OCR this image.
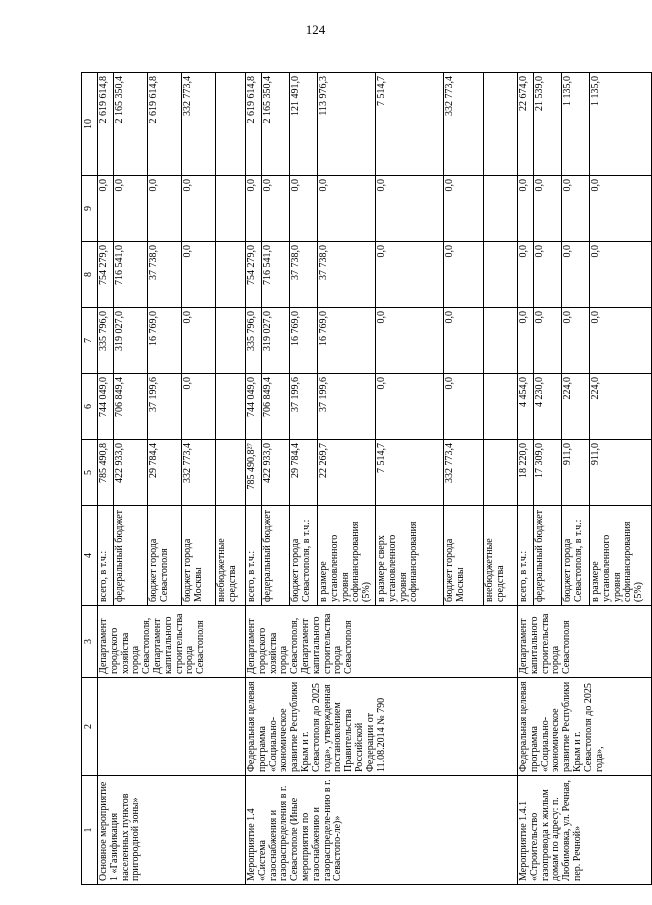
124
1	2	3	4	5	6	7	8	9	10
Основное мероприятие 1 «Газификация населенных пунктов пригородной зоны»		Департамент городского хозяйства города Севастополя, Департамент капитального строительства города Севастополя	всего, в т.ч.:	785 490,8	744 049,0	335 796,0	754 279,0	0,0	2 619 614,8
			федеральный бюджет	422 933,0	706 849,4	319 027,0	716 541,0	0,0	2 165 350,4
			бюджет города Севастополя	29 784,4	37 199,6	16 769,0	37 738,0	0,0	2 619 614,8
			бюджет города Москвы	332 773,4	0,0	0,0	0,0	0,0	332 773,4
			внебюджетные средства						
Мероприятие 1.4 «Система газоснабжения и газораспределения в г. Севастополе (Иные мероприятия по газоснабжению и газораспределе-нию в г. Севастопо-ле)»	Федеральная целевая программа «Социально-экономическое развитие Республики Крым и г. Севастополя до 2025 года», утвержденная постановлением Правительства Российской Федерации от 11.08.2014 № 790	Департамент городского хозяйства города Севастополя, Департамент капитального строительства города Севастополя	всего, в т.ч.:	785 490,8²⁷	744 049,0	335 796,0	754 279,0	0,0	2 619 614,8
			федеральный бюджет	422 933,0	706 849,4	319 027,0	716 541,0	0,0	2 165 350,4
			бюджет города Севастополя, в т.ч.:	29 784,4	37 199,6	16 769,0	37 738,0	0,0	121 491,0
			в размере установленного уровня софинансирования (5%)	22 269,7	37 199,6	16 769,0	37 738,0	0,0	113 976,3
			в размере сверх установленного уровня софинансирования	7 514,7	0,0	0,0	0,0	0,0	7 514,7
			бюджет города Москвы	332 773,4	0,0	0,0	0,0	0,0	332 773,4
			внебюджетные средства						
Мероприятие 1.4.1 «Строительство газопровода к жилым домам по адресу: п. Любимовка, ул. Речная, пер. Речной»	Федеральная целевая программа «Социально-экономическое развитие Республики Крым и г. Севастополя до 2025 года»,	Департамент капитального строительства города Севастополя	всего, в т.ч.:	18 220,0	4 454,0	0,0	0,0	0,0	22 674,0
			федеральный бюджет	17 309,0	4 230,0	0,0	0,0	0,0	21 539,0
			бюджет города Севастополя, в т.ч.:	911,0	224,0	0,0	0,0	0,0	1 135,0
			в размере установленного уровня софинансирования (5%)	911,0	224,0	0,0	0,0	0,0	1 135,0
